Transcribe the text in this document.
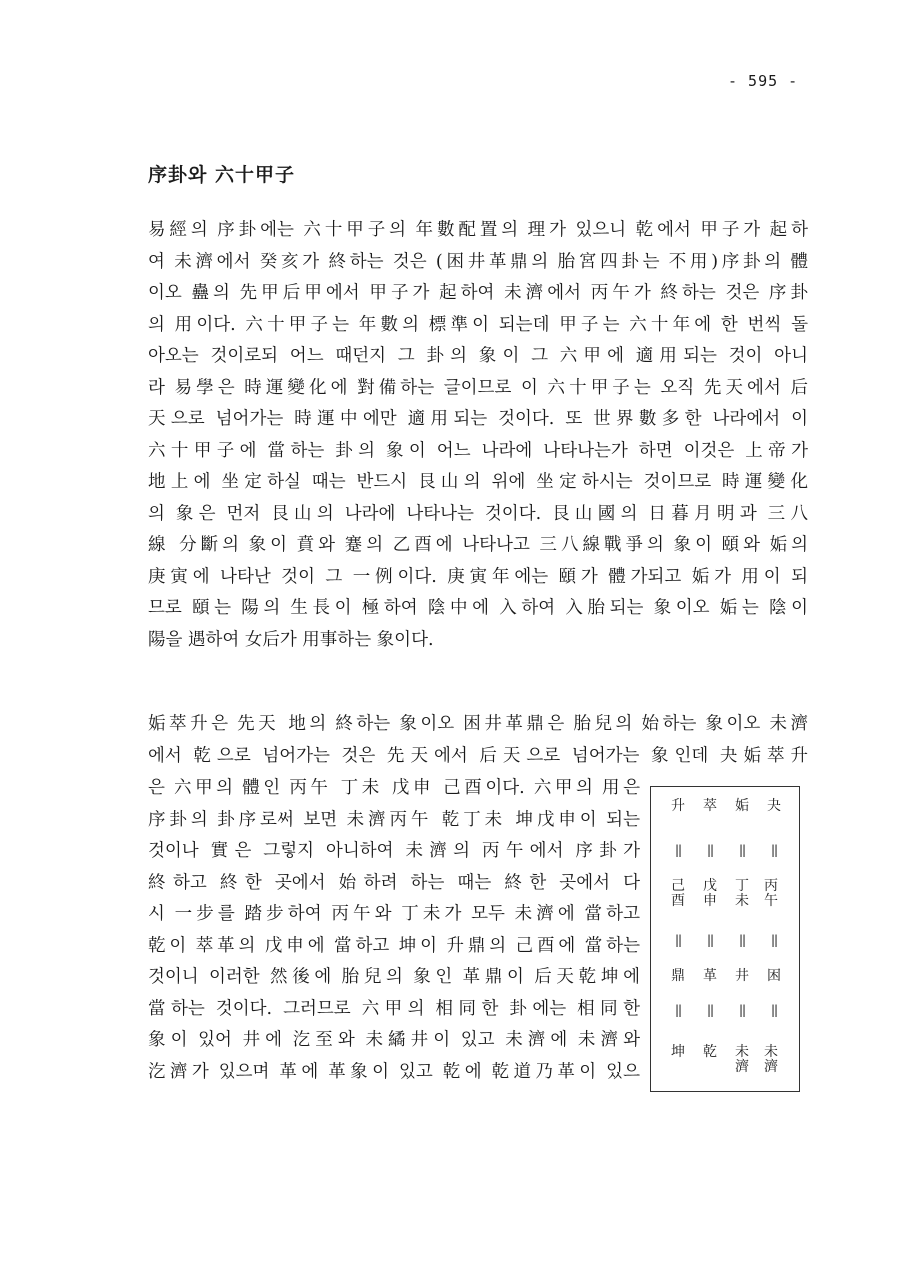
- 595 -
序卦와 六十甲子
易經의 序卦에는 六十甲子의 年數配置의 理가 있으니 乾에서 甲子가 起하
여 未濟에서 癸亥가 終하는 것은 (困井革鼎의 胎宮四卦는 不用)序卦의 體
이오 蠱의 先甲后甲에서 甲子가 起하여 未濟에서 丙午가 終하는 것은 序卦
의 用이다. 六十甲子는 年數의 標準이 되는데 甲子는 六十年에 한 번씩 돌
아오는 것이로되 어느 때던지 그 卦의 象이 그 六甲에 適用되는 것이 아니
라 易學은 時運變化에 對備하는 글이므로 이 六十甲子는 오직 先天에서 后
天으로 넘어가는 時運中에만 適用되는 것이다. 또 世界數多한 나라에서 이
六十甲子에 當하는 卦의 象이 어느 나라에 나타나는가 하면 이것은 上帝가
地上에 坐定하실 때는 반드시 艮山의 위에 坐定하시는 것이므로 時運變化
의 象은 먼저 艮山의 나라에 나타나는 것이다. 艮山國의 日暮月明과 三八
線 分斷의 象이 賁와 蹇의 乙酉에 나타나고 三八線戰爭의 象이 頤와 姤의
庚寅에 나타난 것이 그 一例이다. 庚寅年에는 頤가 體가되고 姤가 用이 되
므로 頤는 陽의 生長이 極하여 陰中에 入하여 入胎되는 象이오 姤는 陰이
陽을 遇하여 女后가 用事하는 象이다.
姤萃升은 先天 地의 終하는 象이오 困井革鼎은 胎兒의 始하는 象이오 未濟
에서 乾으로 넘어가는 것은 先天에서 后天으로 넘어가는 象인데 夬姤萃升
은 六甲의 體인 丙午 丁未 戊申 己酉이다. 六甲의 用은
序卦의 卦序로써 보면 未濟丙午 乾丁未 坤戊申이 되는
것이나 實은 그렇지 아니하여 未濟의 丙午에서 序卦가
終하고 終한 곳에서 始하려 하는 때는 終한 곳에서 다
시 一步를 踏步하여 丙午와 丁未가 모두 未濟에 當하고
乾이 萃革의 戊申에 當하고 坤이 升鼎의 己酉에 當하는
것이니 이러한 然後에 胎兒의 象인 革鼎이 后天乾坤에
當하는 것이다. 그러므로 六甲의 相同한 卦에는 相同한
象이 있어 井에 汔至와 未繘井이 있고 未濟에 未濟와
汔濟가 있으며 革에 革象이 있고 乾에 乾道乃革이 있으
夬
姤
萃
升
||
||
||
||
丙午
丁未
戊申
己酉
||
||
||
||
困
井
革
鼎
||
||
||
||
未濟
未濟
乾
坤
